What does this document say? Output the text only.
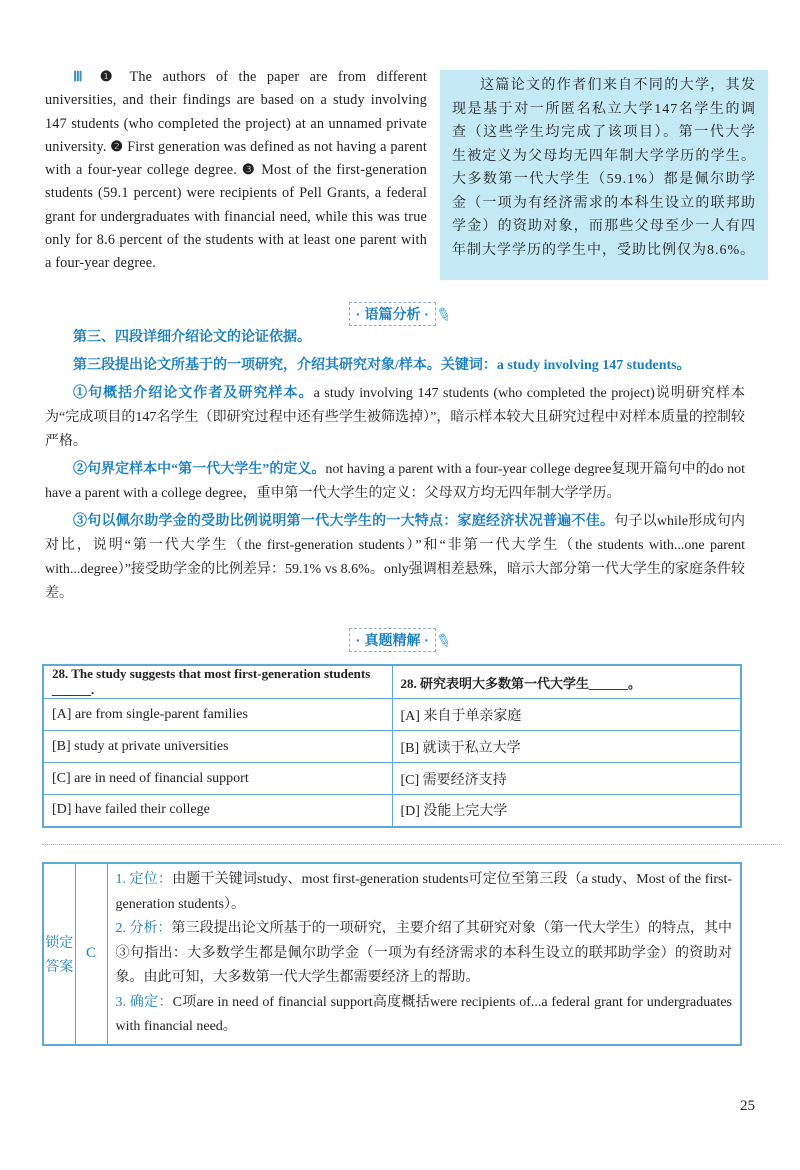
Ⅲ ❶ The authors of the paper are from different universities, and their findings are based on a study involving 147 students (who completed the project) at an unnamed private university. ❷ First generation was defined as not having a parent with a four-year college degree. ❸ Most of the first-generation students (59.1 percent) were recipients of Pell Grants, a federal grant for undergraduates with financial need, while this was true only for 8.6 percent of the students with at least one parent with a four-year degree.

这篇论文的作者们来自不同的大学，其发现是基于对一所匿名私立大学147名学生的调查（这些学生均完成了该项目）。第一代大学生被定义为父母均无四年制大学学历的学生。大多数第一代大学生（59.1%）都是佩尔助学金（一项为有经济需求的本科生设立的联邦助学金）的资助对象，而那些父母至少一人有四年制大学学历的学生中，受助比例仅为8.6%。

· 语篇分析 · ✎

第三、四段详细介绍论文的论证依据。

第三段提出论文所基于的一项研究，介绍其研究对象/样本。关键词：a study involving 147 students。

①句概括介绍论文作者及研究样本。a study involving 147 students (who completed the project)说明研究样本为“完成项目的147名学生（即研究过程中还有些学生被筛选掉）”，暗示样本较大且研究过程中对样本质量的控制较严格。

②句界定样本中“第一代大学生”的定义。not having a parent with a four-year college degree复现开篇句中的do not have a parent with a college degree，重申第一代大学生的定义：父母双方均无四年制大学学历。

③句以佩尔助学金的受助比例说明第一代大学生的一大特点：家庭经济状况普遍不佳。句子以while形成句内对比，说明“第一代大学生（the first-generation students）”和“非第一代大学生（the students with...one parent with...degree）”接受助学金的比例差异：59.1% vs 8.6%。only强调相差悬殊，暗示大部分第一代大学生的家庭条件较差。

· 真题精解 · ✎
28. The study suggests that most first-generation students ______.	28. 研究表明大多数第一代大学生______。
[A] are from single-parent families	[A] 来自于单亲家庭
[B] study at private universities	[B] 就读于私立大学
[C] are in need of financial support	[C] 需要经济支持
[D] have failed their college	[D] 没能上完大学
锁定
答案
	C	

1. 定位：由题干关键词study、most first-generation students可定位至第三段（a study、Most of the first-generation students）。

2. 分析：第三段提出论文所基于的一项研究，主要介绍了其研究对象（第一代大学生）的特点，其中③句指出：大多数学生都是佩尔助学金（一项为有经济需求的本科生设立的联邦助学金）的资助对象。由此可知，大多数第一代大学生都需要经济上的帮助。

3. 确定：C项are in need of financial support高度概括were recipients of...a federal grant for undergraduates with financial need。

25
